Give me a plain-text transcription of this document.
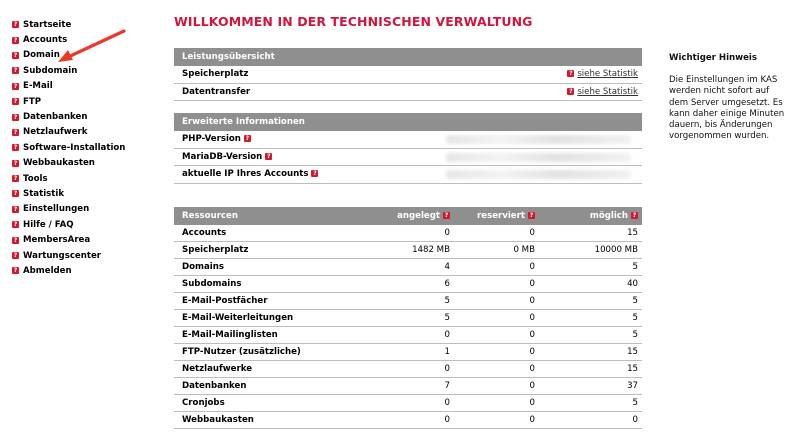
? Startseite
? Accounts
? Domain
? Subdomain
? E-Mail
? FTP
? Datenbanken
? Netzlaufwerk
? Software-Installation
? Webbaukasten
? Tools
? Statistik
? Einstellungen
? Hilfe / FAQ
? MembersArea
? Wartungscenter
? Abmelden
WILLKOMMEN IN DER TECHNISCHEN VERWALTUNG
Leistungsübersicht
Speicherplatz	? siehe Statistik
Datentransfer	? siehe Statistik
Erweiterte Informationen
PHP-Version ?
MariaDB-Version ?
aktuelle IP Ihres Accounts ?
Ressourcen	angelegt ?	reserviert ?	möglich ?
Accounts	0	0	15
Speicherplatz	1482 MB	0 MB	10000 MB
Domains	4	0	5
Subdomains	6	0	40
E-Mail-Postfächer	5	0	5
E-Mail-Weiterleitungen	5	0	5
E-Mail-Mailinglisten	0	0	5
FTP-Nutzer (zusätzliche)	1	0	15
Netzlaufwerke	0	0	15
Datenbanken	7	0	37
Cronjobs	0	0	5
Webbaukasten	0	0	0
Wichtiger Hinweis
Die Einstellungen im KAS werden nicht sofort auf dem Server umgesetzt. Es kann daher einige Minuten dauern, bis Änderungen vorgenommen wurden.
